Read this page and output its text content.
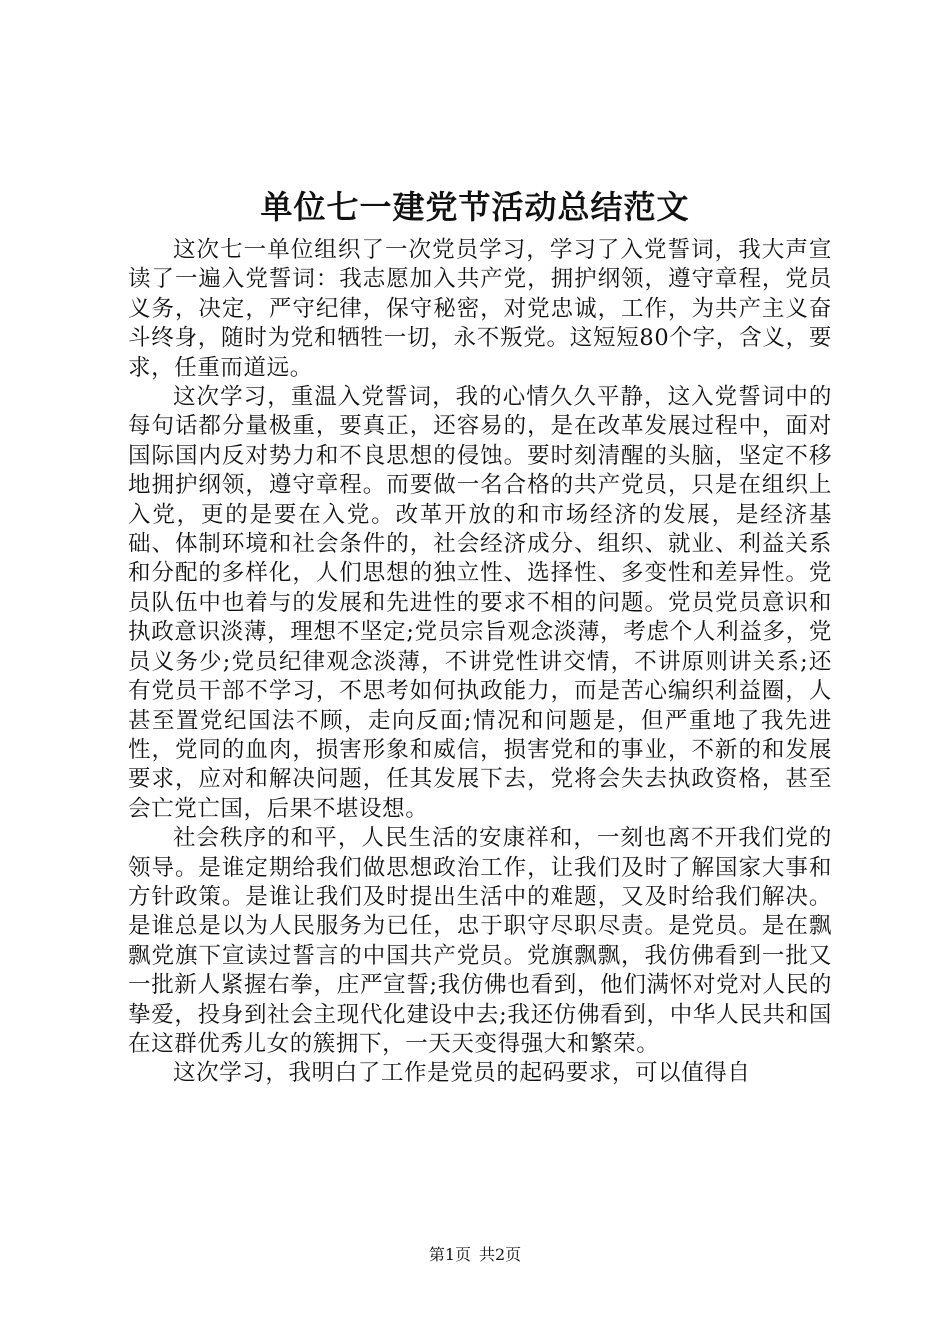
单位七一建党节活动总结范文

这次七一单位组织了一次党员学习，学习了入党誓词，我大声宣读了一遍入党誓词：我志愿加入共产党，拥护纲领，遵守章程，党员义务，决定，严守纪律，保守秘密，对党忠诚，工作，为共产主义奋斗终身，随时为党和牺牲一切，永不叛党。这短短80个字，含义，要求，任重而道远。

这次学习，重温入党誓词，我的心情久久平静，这入党誓词中的每句话都分量极重，要真正，还容易的，是在改革发展过程中，面对国际国内反对势力和不良思想的侵蚀。要时刻清醒的头脑，坚定不移地拥护纲领，遵守章程。而要做一名合格的共产党员，只是在组织上入党，更的是要在入党。改革开放的和市场经济的发展，是经济基础、体制环境和社会条件的，社会经济成分、组织、就业、利益关系和分配的多样化，人们思想的独立性、选择性、多变性和差异性。党员队伍中也着与的发展和先进性的要求不相的问题。党员党员意识和执政意识淡薄，理想不坚定;党员宗旨观念淡薄，考虑个人利益多，党员义务少;党员纪律观念淡薄，不讲党性讲交情，不讲原则讲关系;还有党员干部不学习，不思考如何执政能力，而是苦心编织利益圈，人甚至置党纪国法不顾，走向反面;情况和问题是，但严重地了我先进性，党同的血肉，损害形象和威信，损害党和的事业，不新的和发展要求，应对和解决问题，任其发展下去，党将会失去执政资格，甚至会亡党亡国，后果不堪设想。

社会秩序的和平，人民生活的安康祥和，一刻也离不开我们党的领导。是谁定期给我们做思想政治工作，让我们及时了解国家大事和方针政策。是谁让我们及时提出生活中的难题，又及时给我们解决。是谁总是以为人民服务为已任，忠于职守尽职尽责。是党员。是在飘飘党旗下宣读过誓言的中国共产党员。党旗飘飘，我仿佛看到一批又一批新人紧握右拳，庄严宣誓;我仿佛也看到，他们满怀对党对人民的挚爱，投身到社会主现代化建设中去;我还仿佛看到，中华人民共和国在这群优秀儿女的簇拥下，一天天变得强大和繁荣。

这次学习，我明白了工作是党员的起码要求，可以值得自

第1页 共2页
